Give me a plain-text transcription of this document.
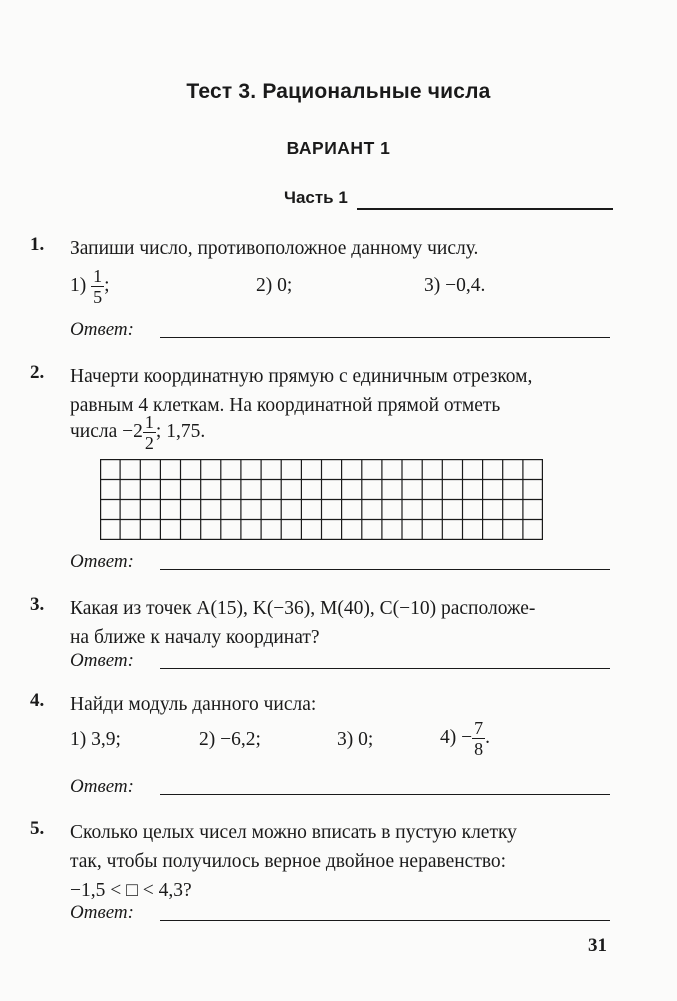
Тест 3. Рациональные числа
ВАРИАНТ 1
Часть 1
1. Запиши число, противоположное данному числу.
$1) \frac{1}{5}$ ;	2) 0;	3) −0,4.
Ответ:
2. Начерти координатную прямую с единичным отрезком,
равным 4 клеткам. На координатной прямой отметь
числа $-2 \frac{1}{2}$ ; 1,75.
Ответ:
3. Какая из точек A(15), K(−36), M(40), C(−10) расположе-
на ближе к началу координат?
Ответ:
4. Найди модуль данного числа:
1) 3,9;	2) −6,2;	3) 0;	$4) - \frac{7}{8}$ .
Ответ:
5. Сколько целых чисел можно вписать в пустую клетку
так, чтобы получилось верное двойное неравенство:
−1,5 < □ < 4,3?
Ответ:
31
